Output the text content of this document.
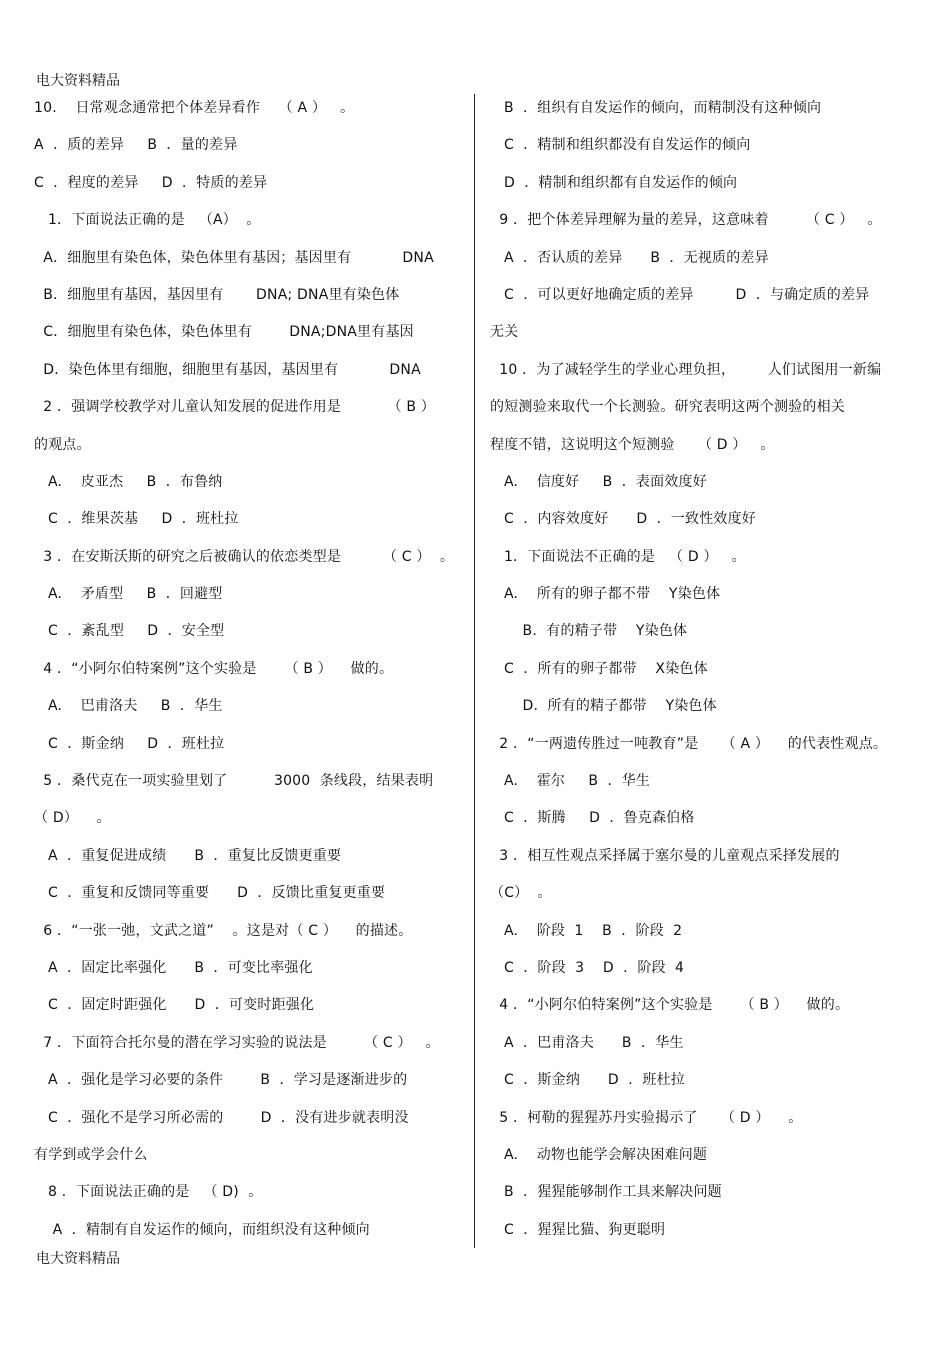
电大资料精品
10.    日常观念通常把个体差异看作    （ A ）   。
A  ．质的差异     B  ．量的差异
C  ．程度的差异     D  ．特质的差异
1．下面说法正确的是   （A）  。
A．细胞里有染色体，染色体里有基因；基因里有           DNA
B．细胞里有基因，基因里有       DNA; DNA里有染色体
C．细胞里有染色体，染色体里有        DNA;DNA里有基因
D．染色体里有细胞，细胞里有基因，基因里有           DNA
2 ．强调学校教学对儿童认知发展的促进作用是          （ B ）
的观点。
A.    皮亚杰     B  ．布鲁纳
C  ．维果茨基     D  ．班杜拉
3 ．在安斯沃斯的研究之后被确认的依恋类型是         （ C ）  。
A.    矛盾型     B  ．回避型
C  ．紊乱型     D  ．安全型
4 ．“小阿尔伯特案例”这个实验是      （ B ）    做的。
A.    巴甫洛夫     B  ．华生
C  ．斯金纳     D  ．班杜拉
5 ．桑代克在一项实验里划了          3000  条线段，结果表明
（ D）    。
A  ．重复促进成绩      B  ．重复比反馈更重要
C  ．重复和反馈同等重要      D  ．反馈比重复更重要
6 ．“一张一弛，文武之道”    。这是对（ C ）    的描述。
A  ．固定比率强化      B  ．可变比率强化
C  ．固定时距强化      D  ．可变时距强化
7 ．下面符合托尔曼的潜在学习实验的说法是        （ C ）   。
A  ．强化是学习必要的条件        B  ．学习是逐渐进步的
C  ．强化不是学习所必需的        D  ．没有进步就表明没
有学到或学会什么
8 ．下面说法正确的是   （ D)  。
A  ．精制有自发运作的倾向，而组织没有这种倾向
B  ．组织有自发运作的倾向，而精制没有这种倾向
C  ．精制和组织都没有自发运作的倾向
D  ．精制和组织都有自发运作的倾向
9 ．把个体差异理解为量的差异，这意味着        （ C ）   。
A  ．否认质的差异      B  ．无视质的差异
C  ．可以更好地确定质的差异         D  ．与确定质的差异
无关
10 ．为了减轻学生的学业心理负担，       人们试图用一新编
的短测验来取代一个长测验。研究表明这两个测验的相关
程度不错，这说明这个短测验     （ D ）   。
A.    信度好     B  ．表面效度好
C  ．内容效度好      D  ．一致性效度好
1．下面说法不正确的是   （ D ）   。
A.    所有的卵子都不带    Y染色体
B.  有的精子带    Y染色体
C  ．所有的卵子都带    X染色体
D.  所有的精子都带    Y染色体
2 ．“一两遗传胜过一吨教育”是     （ A ）    的代表性观点。
A.    霍尔     B  ．华生
C  ．斯腾     D  ．鲁克森伯格
3 ．相互性观点采择属于塞尔曼的儿童观点采择发展的
（C）  。
A.    阶段  1    B  ．阶段  2
C  ．阶段  3    D  ．阶段  4
4 ．“小阿尔伯特案例”这个实验是      （ B ）    做的。
A  ．巴甫洛夫      B  ．华生
C  ．斯金纳      D  ．班杜拉
5 ．柯勒的猩猩苏丹实验揭示了     （ D ）    。
A.    动物也能学会解决困难问题
B  ．猩猩能够制作工具来解决问题
C  ．猩猩比猫、狗更聪明
电大资料精品
